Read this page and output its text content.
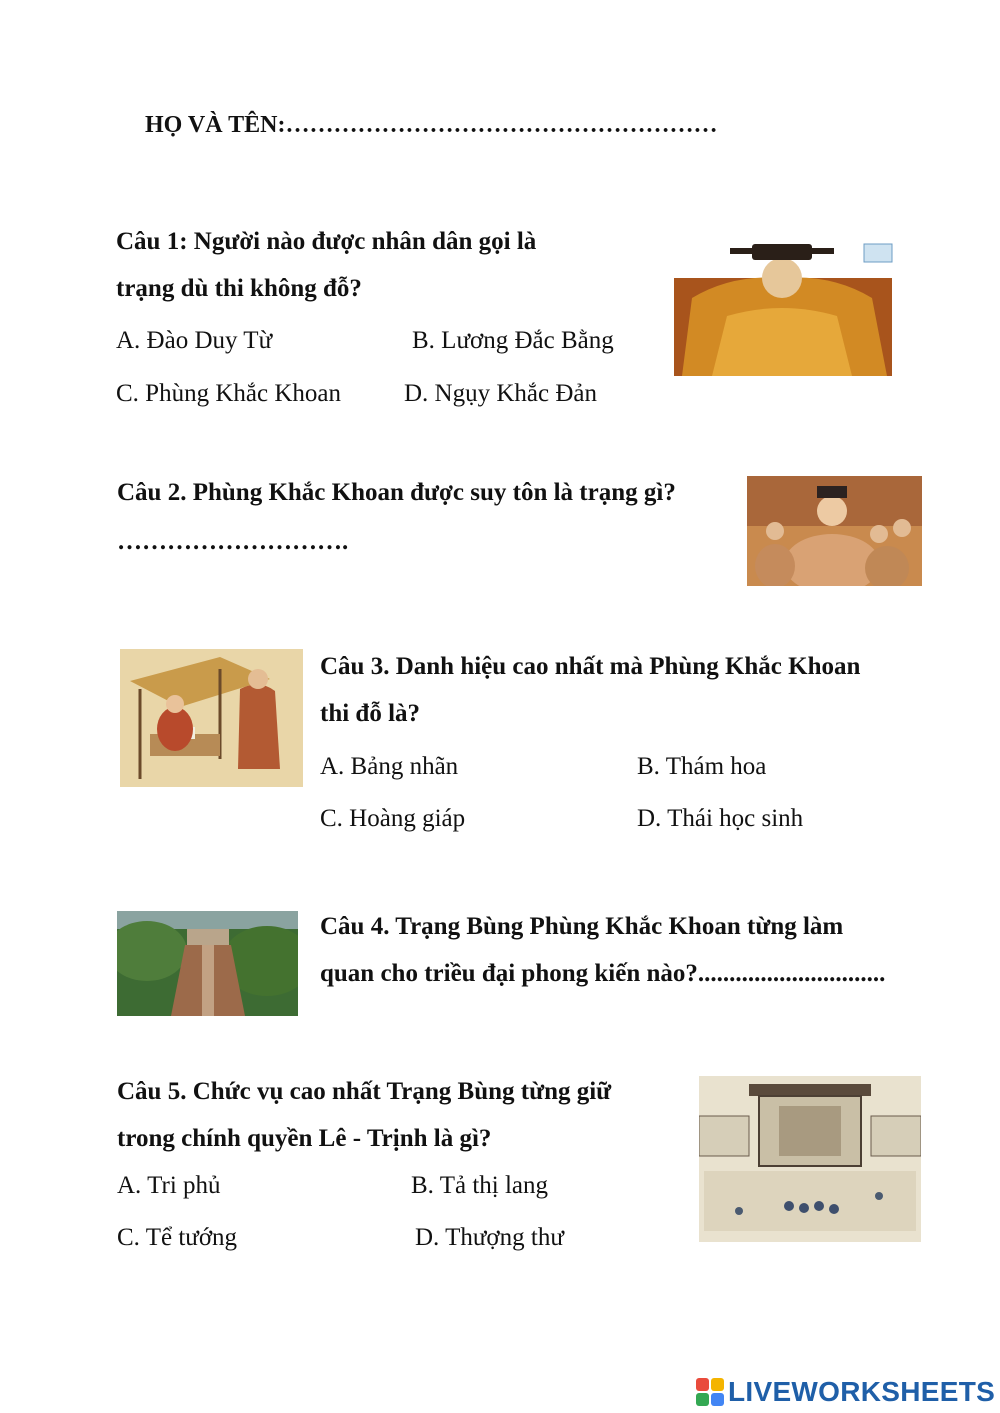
HỌ VÀ TÊN:………………………………………………
Câu 1: Người nào được nhân dân gọi là
trạng dù thi không đỗ?
A. Đào Duy Từ	B. Lương Đắc Bằng
C. Phùng Khắc Khoan	D. Ngụy Khắc Đản
Câu 2. Phùng Khắc Khoan được suy tôn là trạng gì?
……………………….
Câu 3. Danh hiệu cao nhất mà Phùng Khắc Khoan
thi đỗ là?
A. Bảng nhãn	B. Thám hoa
C. Hoàng giáp	D. Thái học sinh
Câu 4. Trạng Bùng Phùng Khắc Khoan từng làm
quan cho triều đại phong kiến nào?..............................
Câu 5. Chức vụ cao nhất Trạng Bùng từng giữ
trong chính quyền Lê - Trịnh là gì?
A. Tri phủ	B. Tả thị lang
C. Tể tướng	D. Thượng thư
LIVEWORKSHEETS
